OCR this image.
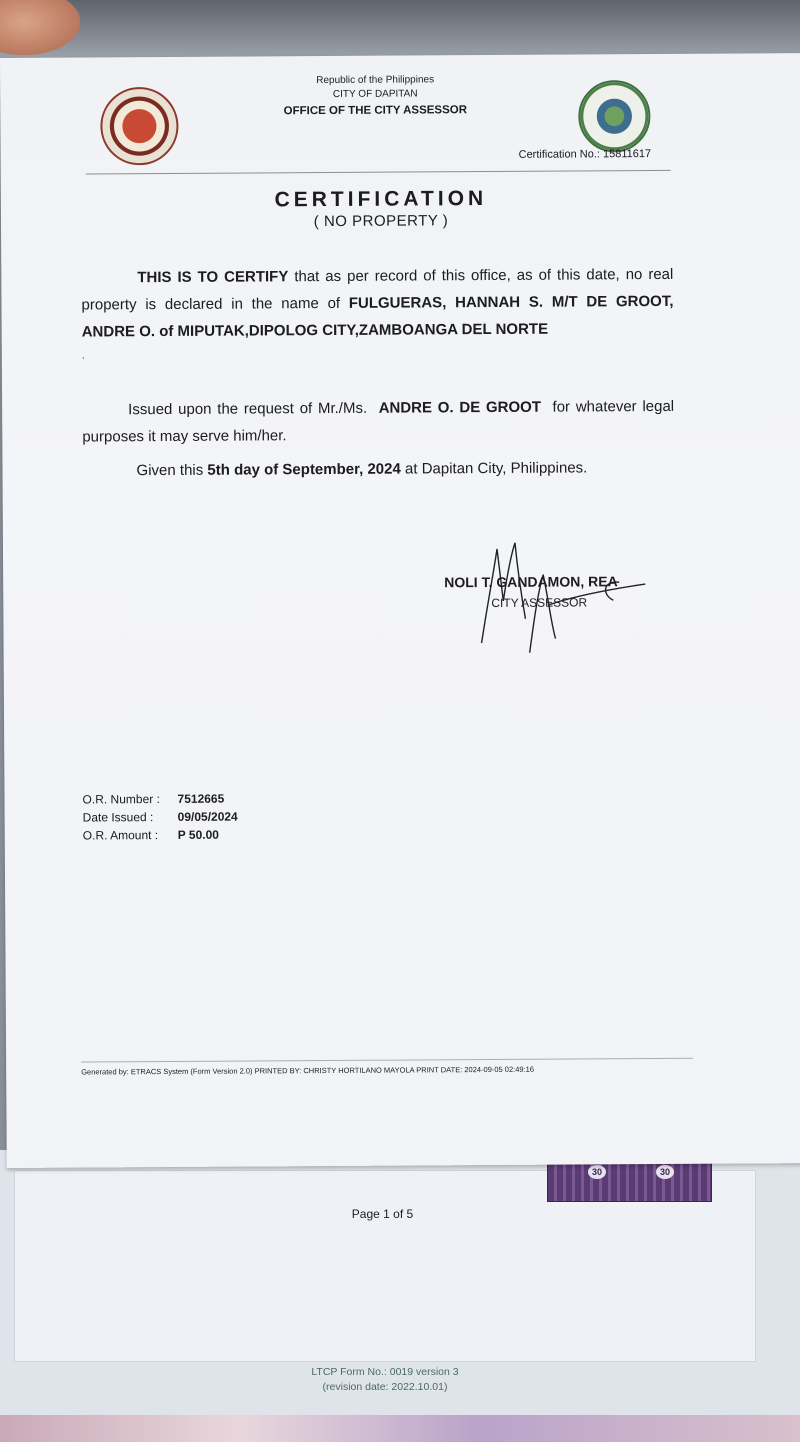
Page 1 of 5
LTCP Form No.: 0019 version 3
(revision date: 2022.10.01)
30	30
Republic of the Philippines
CITY OF DAPITAN
OFFICE OF THE CITY ASSESSOR
Certification No.: 15811617
CERTIFICATION
( NO PROPERTY )
THIS IS TO CERTIFY that as per record of this office, as of this date, no real property is declared in the name of FULGUERAS, HANNAH S. M/T DE GROOT, ANDRE O. of MIPUTAK,DIPOLOG CITY,ZAMBOANGA DEL NORTE
.
Issued upon the request of Mr./Ms. ANDRE O. DE GROOT for whatever legal purposes it may serve him/her.
Given this 5th day of September, 2024 at Dapitan City, Philippines.
NOLI T. GANDAMON, REA
CITY ASSESSOR
O.R. Number : 7512665
Date Issued : 09/05/2024
O.R. Amount : P 50.00
Generated by: ETRACS System (Form Version 2.0) PRINTED BY: CHRISTY HORTILANO MAYOLA PRINT DATE: 2024-09-05 02:49:16
